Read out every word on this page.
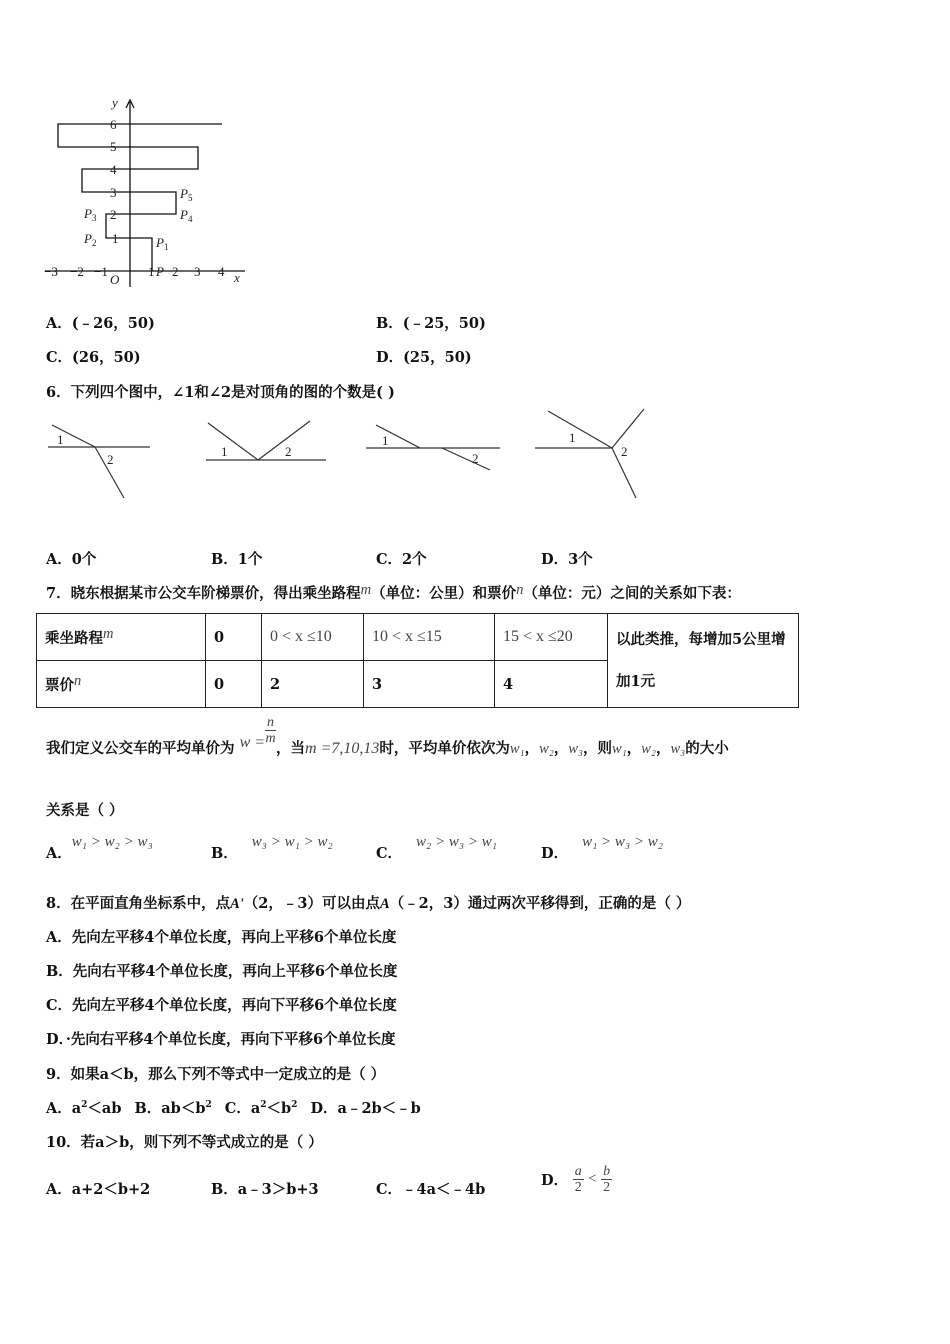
y
x
O
6
5
4
3
2
1
−3 −2 −1	1 2 3 4
P
$P_1$
$P_2$
$P_3$	$P_4$
$P_5$
A．(﹣26，50)	B．(﹣25，50)
C．(26，50)	D．(25，50)
6．下列四个图中，∠1和∠2是对顶角的图的个数是( )
1
2
1	2
1
2
1
2
A．0个	B．1个	C．2个	D．3个
7．晓东根据某市公交车阶梯票价，得出乘坐路程m（单位：公里）和票价n（单位：元）之间的关系如下表：
乘坐路程m	0	0 < x ≤10	10 < x ≤15	15 < x ≤20	以此类推，每增加5公里增加1元
票价n	0	2	3	4	
我们定义公交车的平均单价为 $w = \frac{n}{m}$
，当m =7,10,13时，平均单价依次为w₁，w₂，w₃，则w₁，w₂，w₃的大小
关系是（ ）
A．w₁ > w₂ > w₃
B．w₃ > w₁ > w₂
C．w₂ > w₃ > w₁
D．w₁ > w₃ > w₂
8．在平面直角坐标系中，点A'（2，﹣3）可以由点A（﹣2，3）通过两次平移得到，正确的是（ ）
A．先向左平移4个单位长度，再向上平移6个单位长度
B．先向右平移4个单位长度，再向上平移6个单位长度
C．先向左平移4个单位长度，再向下平移6个单位长度
D．·先向右平移4个单位长度，再向下平移6个单位长度
9．如果a＜b，那么下列不等式中一定成立的是（ ）
A．$a^2<ab$ B．$ab<b^2$ C．$a^2<b^2$ D．a﹣2b＜﹣b
10．若a＞b，则下列不等式成立的是（ ）
A．a+2＜b+2	B．a﹣3＞b+3	C．﹣4a＜﹣4b
D． $\frac{a}{2} < \frac{b}{2}$
